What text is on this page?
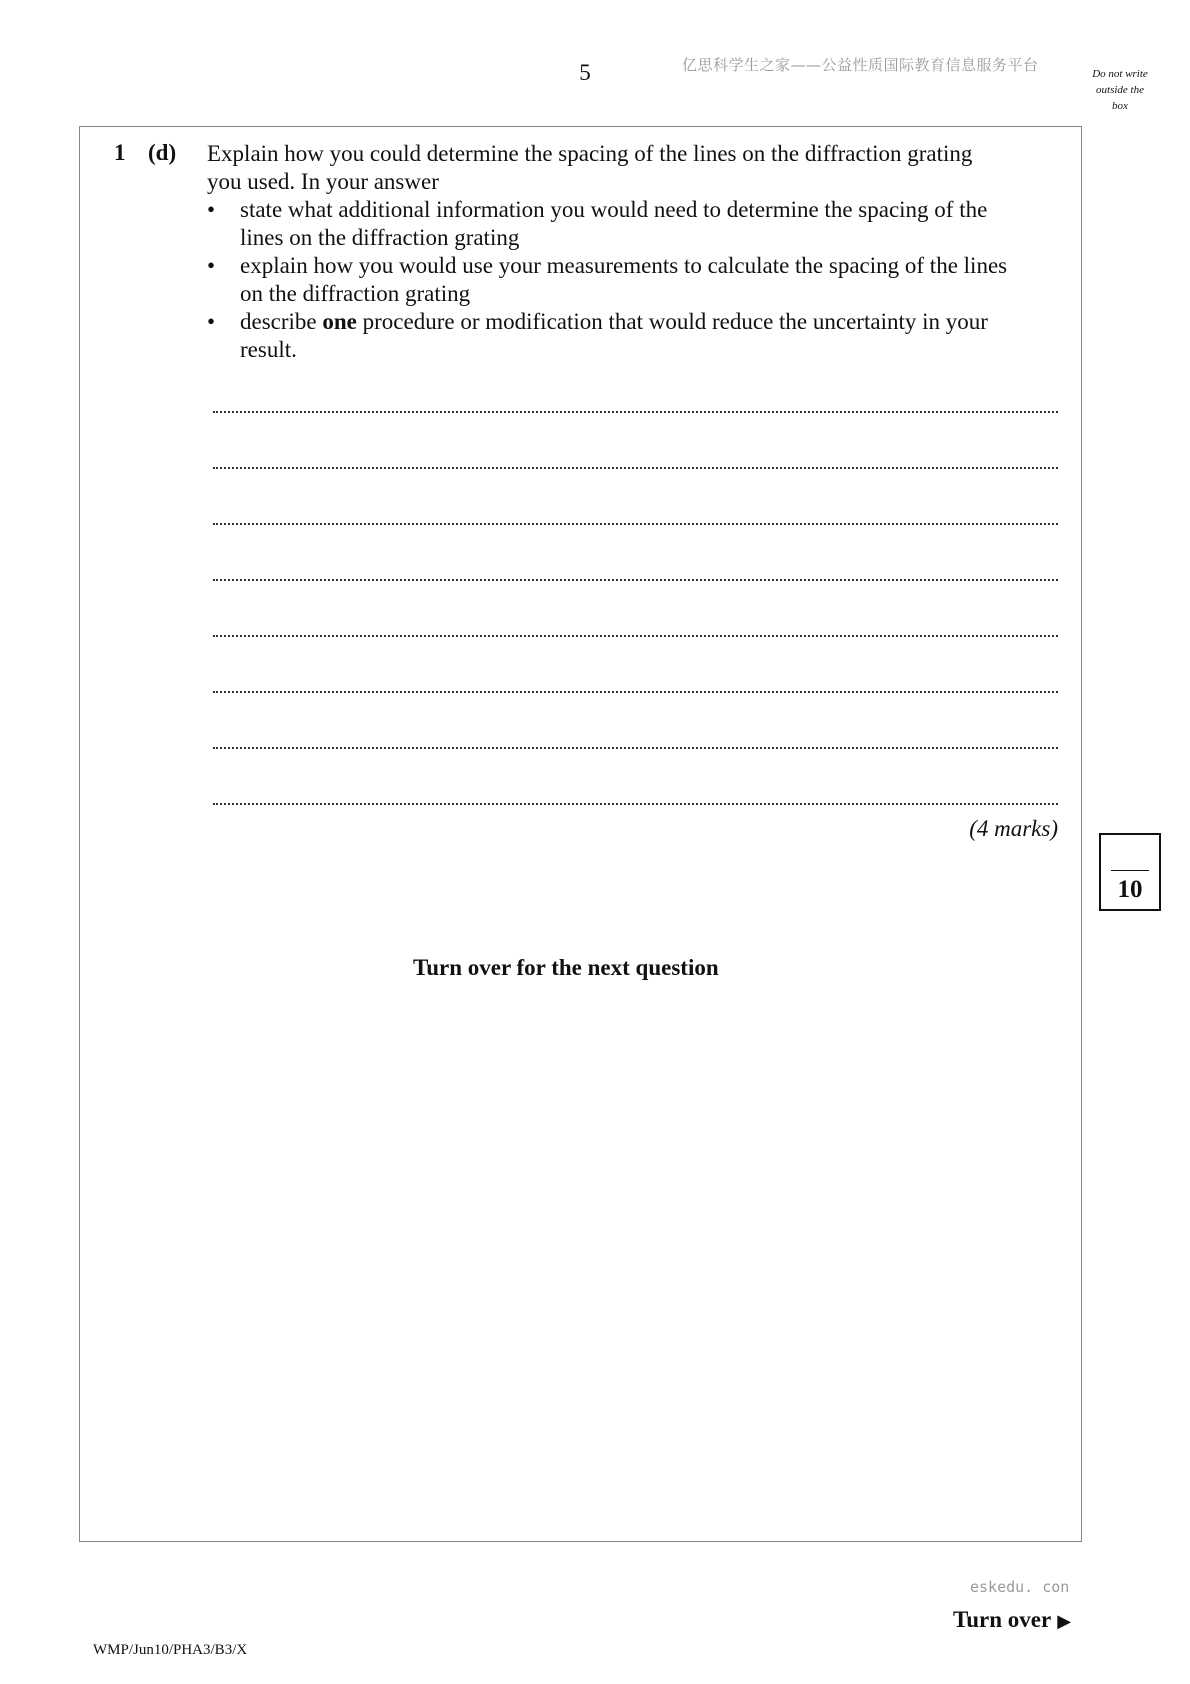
5	亿思科学生之家——公益性质国际教育信息服务平台	Do not write
outside the
box
1 (d) Explain how you could determine the spacing of the lines on the diffraction grating
you used. In your answer
• state what additional information you would need to determine the spacing of the
lines on the diffraction grating
• explain how you would use your measurements to calculate the spacing of the lines
on the diffraction grating
• describe one procedure or modification that would reduce the uncertainty in your
result.
(4 marks)
10
Turn over for the next question
eskedu. con
Turn over ▶
WMP/Jun10/PHA3/B3/X
